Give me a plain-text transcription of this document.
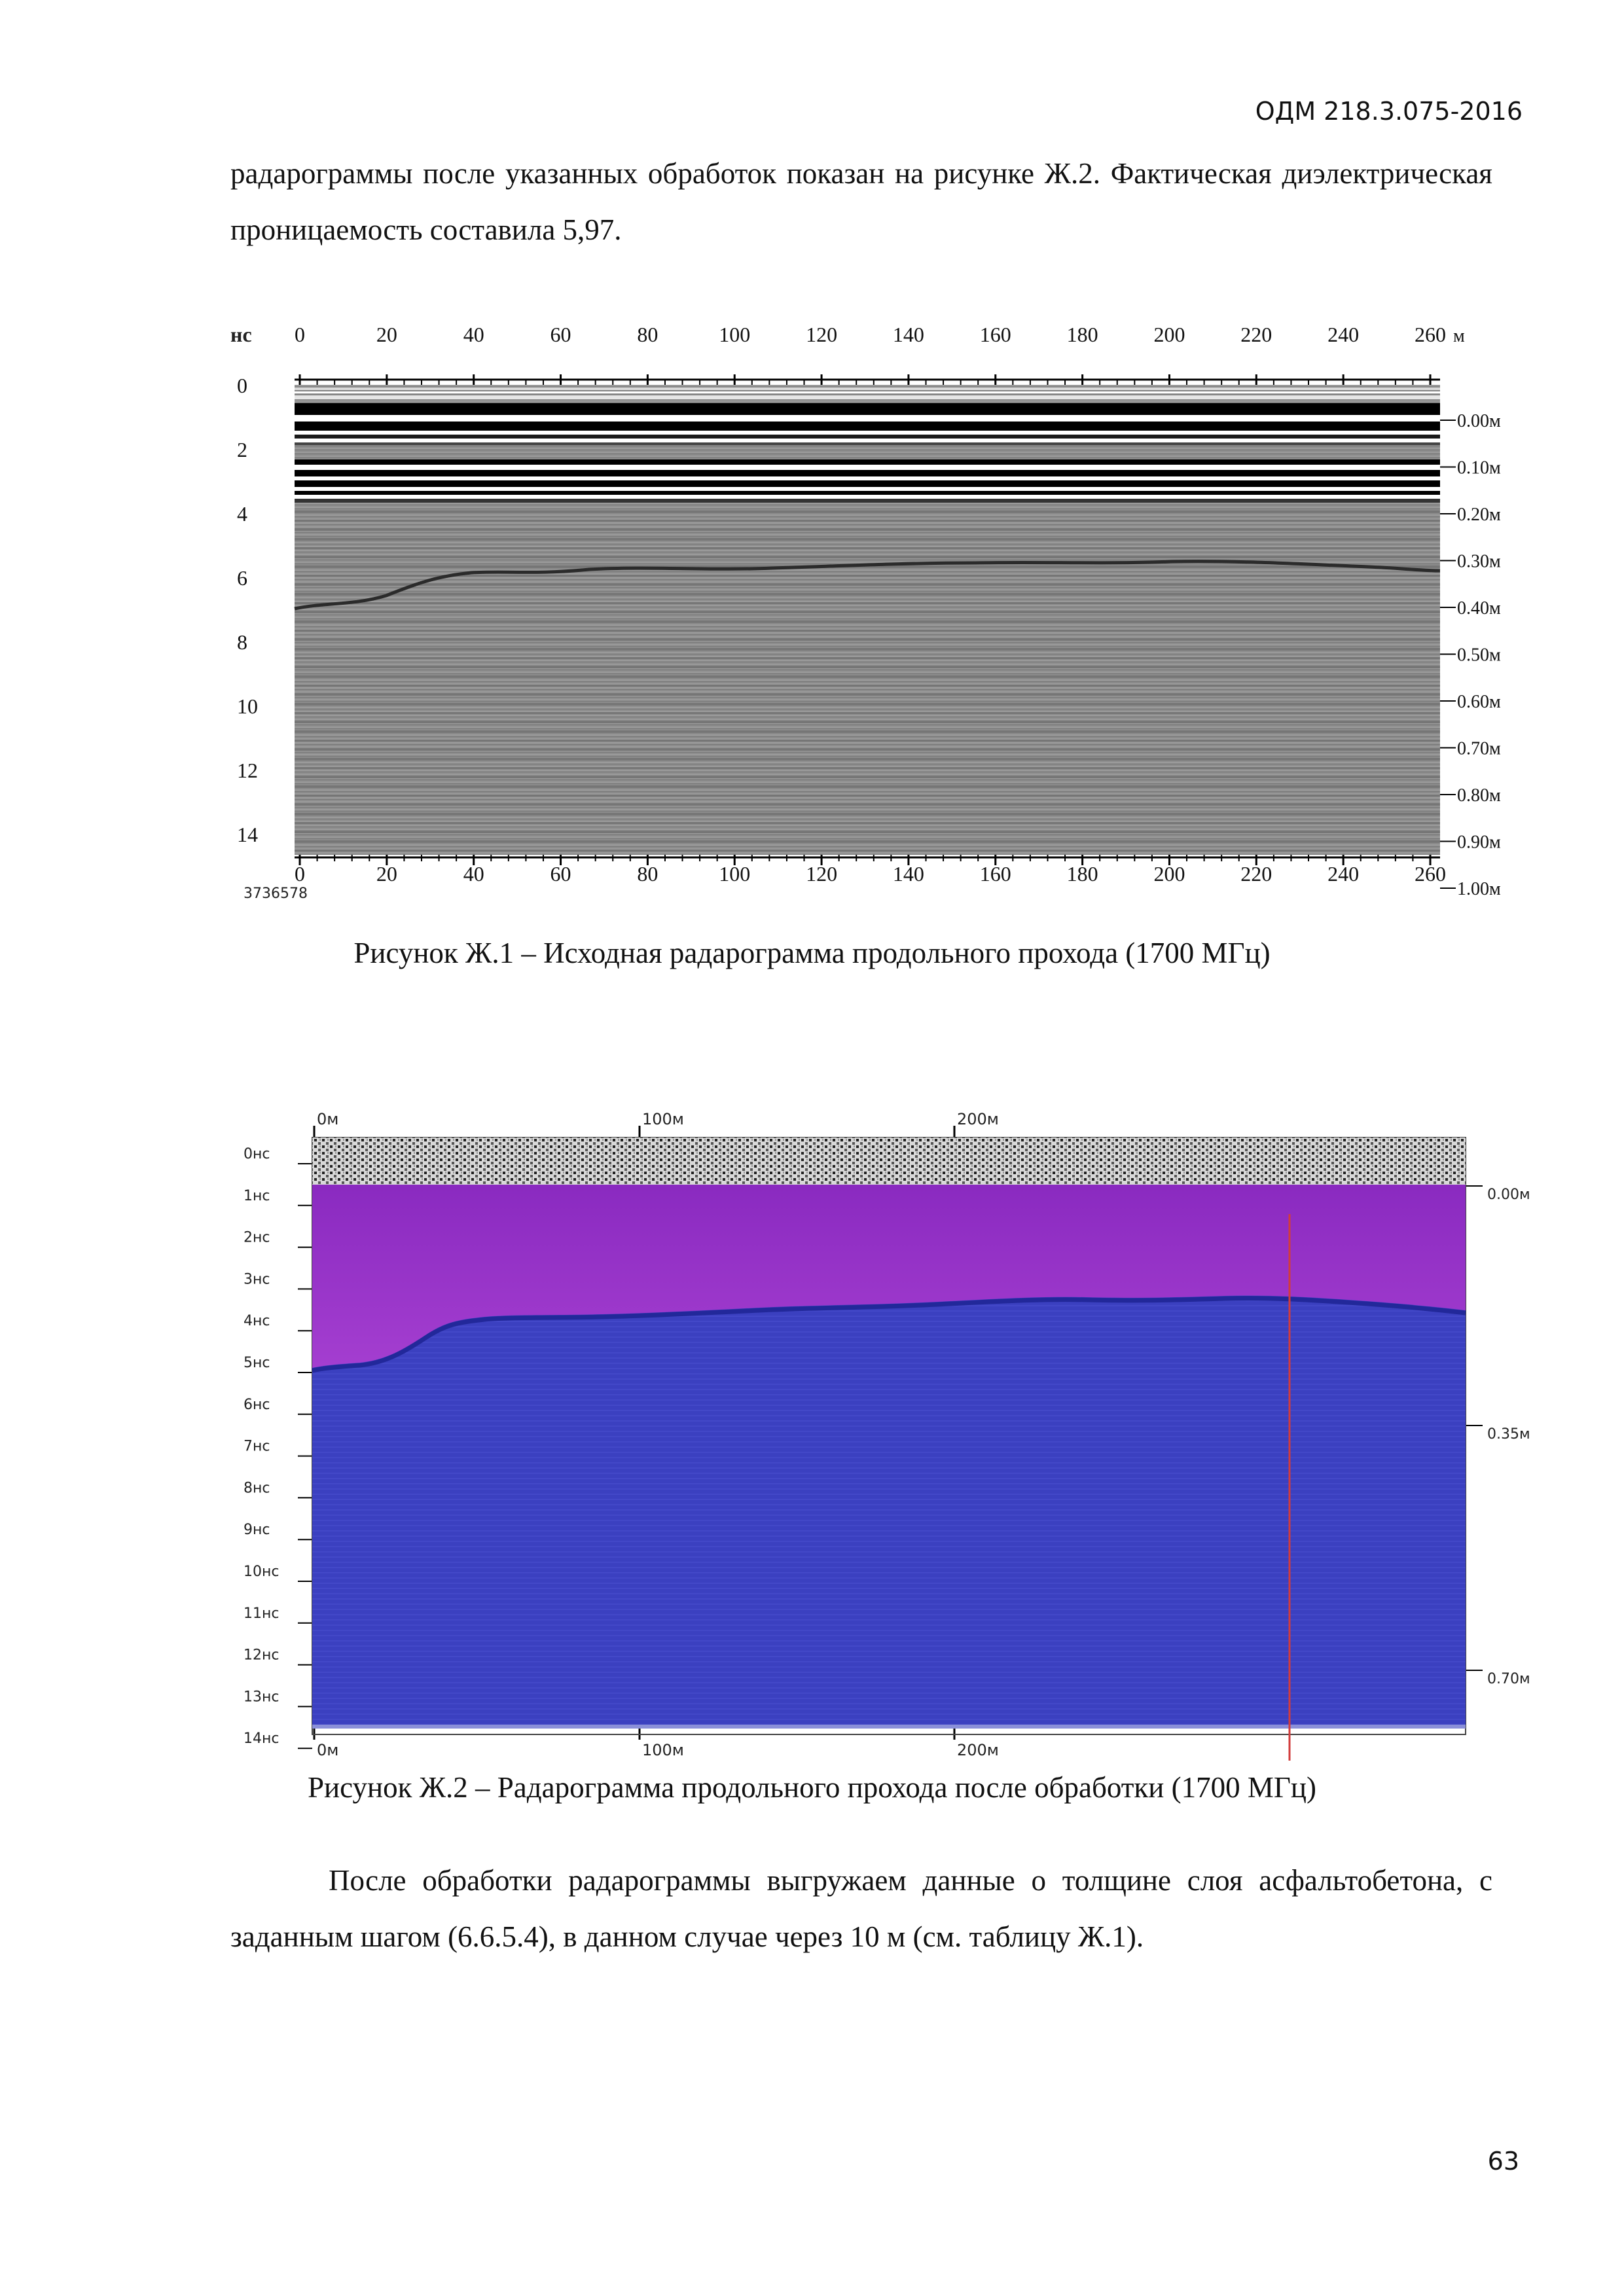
ОДМ 218.3.075-2016

радарограммы после указанных обработок показан на рисунке Ж.2. Фактическая диэлектрическая проницаемость составила 5,97.

нс 0	20	40	60	80	100	120	140	160	180	200	220	240	260 м
0	20	40	60	80	100	120	140	160	180	200	220	240	260
0
2
4
6
8
10
12
14
0.00м
0.10м
0.20м
0.30м
0.40м
0.50м
0.60м
0.70м
0.80м
0.90м
1.00м
3736578
Рисунок Ж.1 – Исходная радарограмма продольного прохода (1700 МГц)
0м	100м	200м
0м	100м	200м
0нс
1нс
2нс
3нс
4нс
5нс
6нс
7нс
8нс
9нс
10нс
11нс
12нс
13нс
14нс
0.00м
0.35м
0.70м
Рисунок Ж.2 – Радарограмма продольного прохода после обработки (1700 МГц)

После обработки радарограммы выгружаем данные о толщине слоя асфальтобетона, с заданным шагом (6.6.5.4), в данном случае через 10 м (см. таблицу Ж.1).

63
